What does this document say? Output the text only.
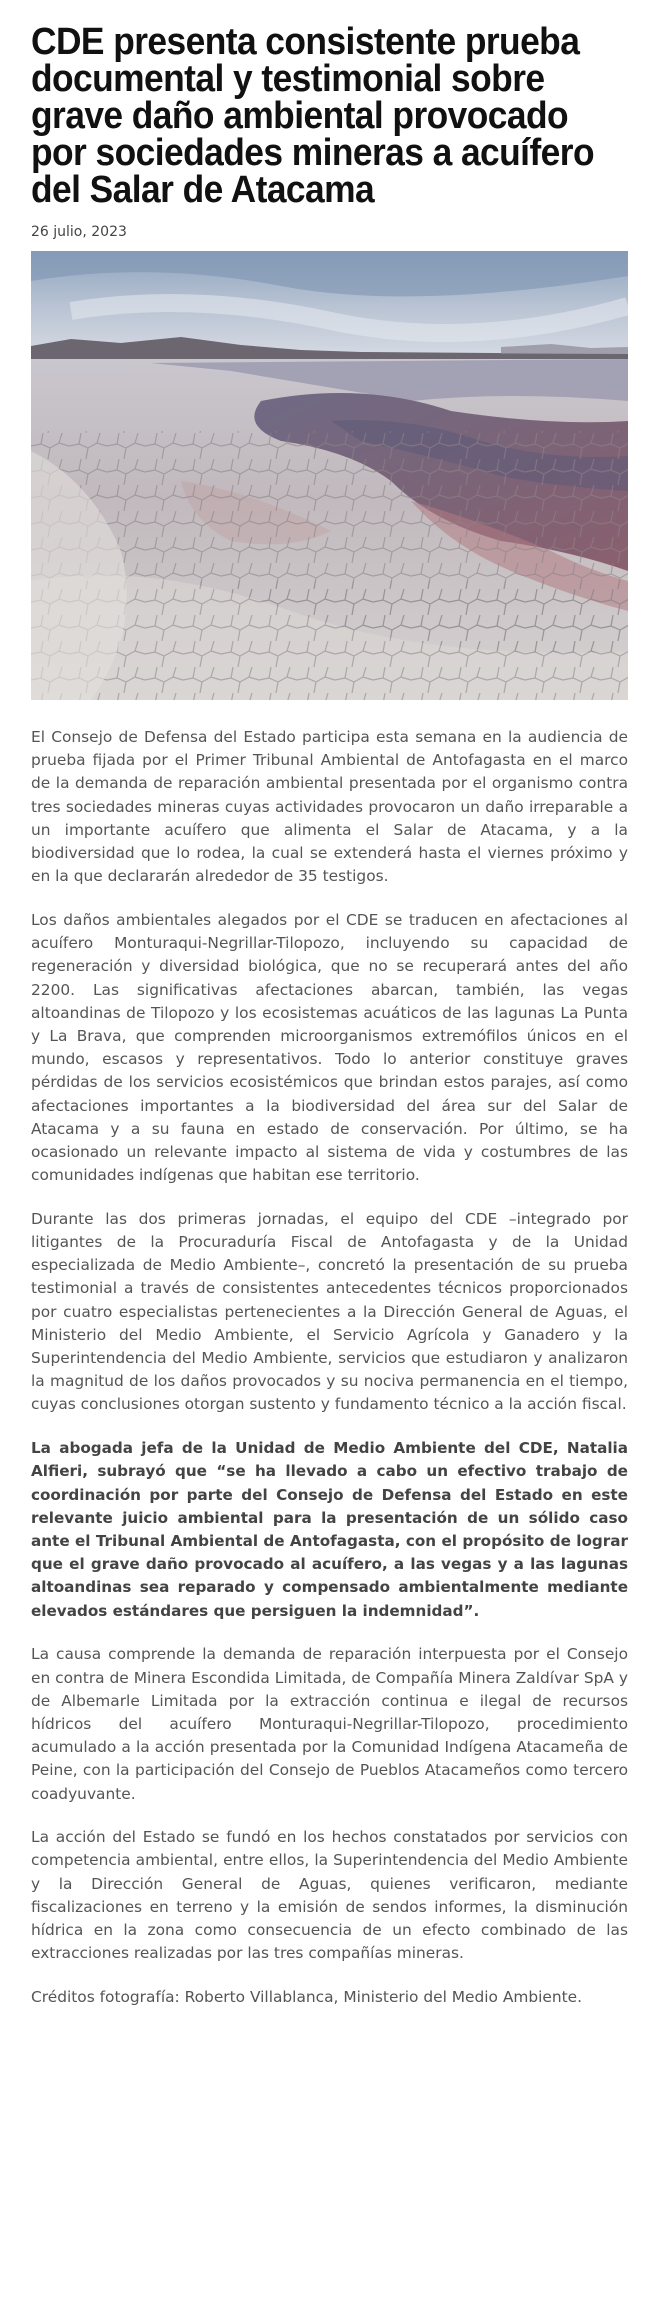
CDE presenta consistente prueba documental y testimonial sobre grave daño ambiental provocado por sociedades mineras a acuífero del Salar de Atacama
26 julio, 2023

El Consejo de Defensa del Estado participa esta semana en la audiencia de prueba fijada por el Primer Tribunal Ambiental de Antofagasta en el marco de la demanda de reparación ambiental presentada por el organismo contra tres sociedades mineras cuyas actividades provocaron un daño irreparable a un importante acuífero que alimenta el Salar de Atacama, y a la biodiversidad que lo rodea, la cual se extenderá hasta el viernes próximo y en la que declararán alrededor de 35 testigos.

Los daños ambientales alegados por el CDE se traducen en afectaciones al acuífero Monturaqui-Negrillar-Tilopozo, incluyendo su capacidad de regeneración y diversidad biológica, que no se recuperará antes del año 2200. Las significativas afectaciones abarcan, también, las vegas altoandinas de Tilopozo y los ecosistemas acuáticos de las lagunas La Punta y La Brava, que comprenden microorganismos extremófilos únicos en el mundo, escasos y representativos. Todo lo anterior constituye graves pérdidas de los servicios ecosistémicos que brindan estos parajes, así como afectaciones importantes a la biodiversidad del área sur del Salar de Atacama y a su fauna en estado de conservación. Por último, se ha ocasionado un relevante impacto al sistema de vida y costumbres de las comunidades indígenas que habitan ese territorio.

Durante las dos primeras jornadas, el equipo del CDE –integrado por litigantes de la Procuraduría Fiscal de Antofagasta y de la Unidad especializada de Medio Ambiente–, concretó la presentación de su prueba testimonial a través de consistentes antecedentes técnicos proporcionados por cuatro especialistas pertenecientes a la Dirección General de Aguas, el Ministerio del Medio Ambiente, el Servicio Agrícola y Ganadero y la Superintendencia del Medio Ambiente, servicios que estudiaron y analizaron la magnitud de los daños provocados y su nociva permanencia en el tiempo, cuyas conclusiones otorgan sustento y fundamento técnico a la acción fiscal.

La abogada jefa de la Unidad de Medio Ambiente del CDE, Natalia Alfieri, subrayó que “se ha llevado a cabo un efectivo trabajo de coordinación por parte del Consejo de Defensa del Estado en este relevante juicio ambiental para la presentación de un sólido caso ante el Tribunal Ambiental de Antofagasta, con el propósito de lograr que el grave daño provocado al acuífero, a las vegas y a las lagunas altoandinas sea reparado y compensado ambientalmente mediante elevados estándares que persiguen la indemnidad”.

La causa comprende la demanda de reparación interpuesta por el Consejo en contra de Minera Escondida Limitada, de Compañía Minera Zaldívar SpA y de Albemarle Limitada por la extracción continua e ilegal de recursos hídricos del acuífero Monturaqui-Negrillar-Tilopozo, procedimiento acumulado a la acción presentada por la Comunidad Indígena Atacameña de Peine, con la participación del Consejo de Pueblos Atacameños como tercero coadyuvante.

La acción del Estado se fundó en los hechos constatados por servicios con competencia ambiental, entre ellos, la Superintendencia del Medio Ambiente y la Dirección General de Aguas, quienes verificaron, mediante fiscalizaciones en terreno y la emisión de sendos informes, la disminución hídrica en la zona como consecuencia de un efecto combinado de las extracciones realizadas por las tres compañías mineras.

Créditos fotografía: Roberto Villablanca, Ministerio del Medio Ambiente.
